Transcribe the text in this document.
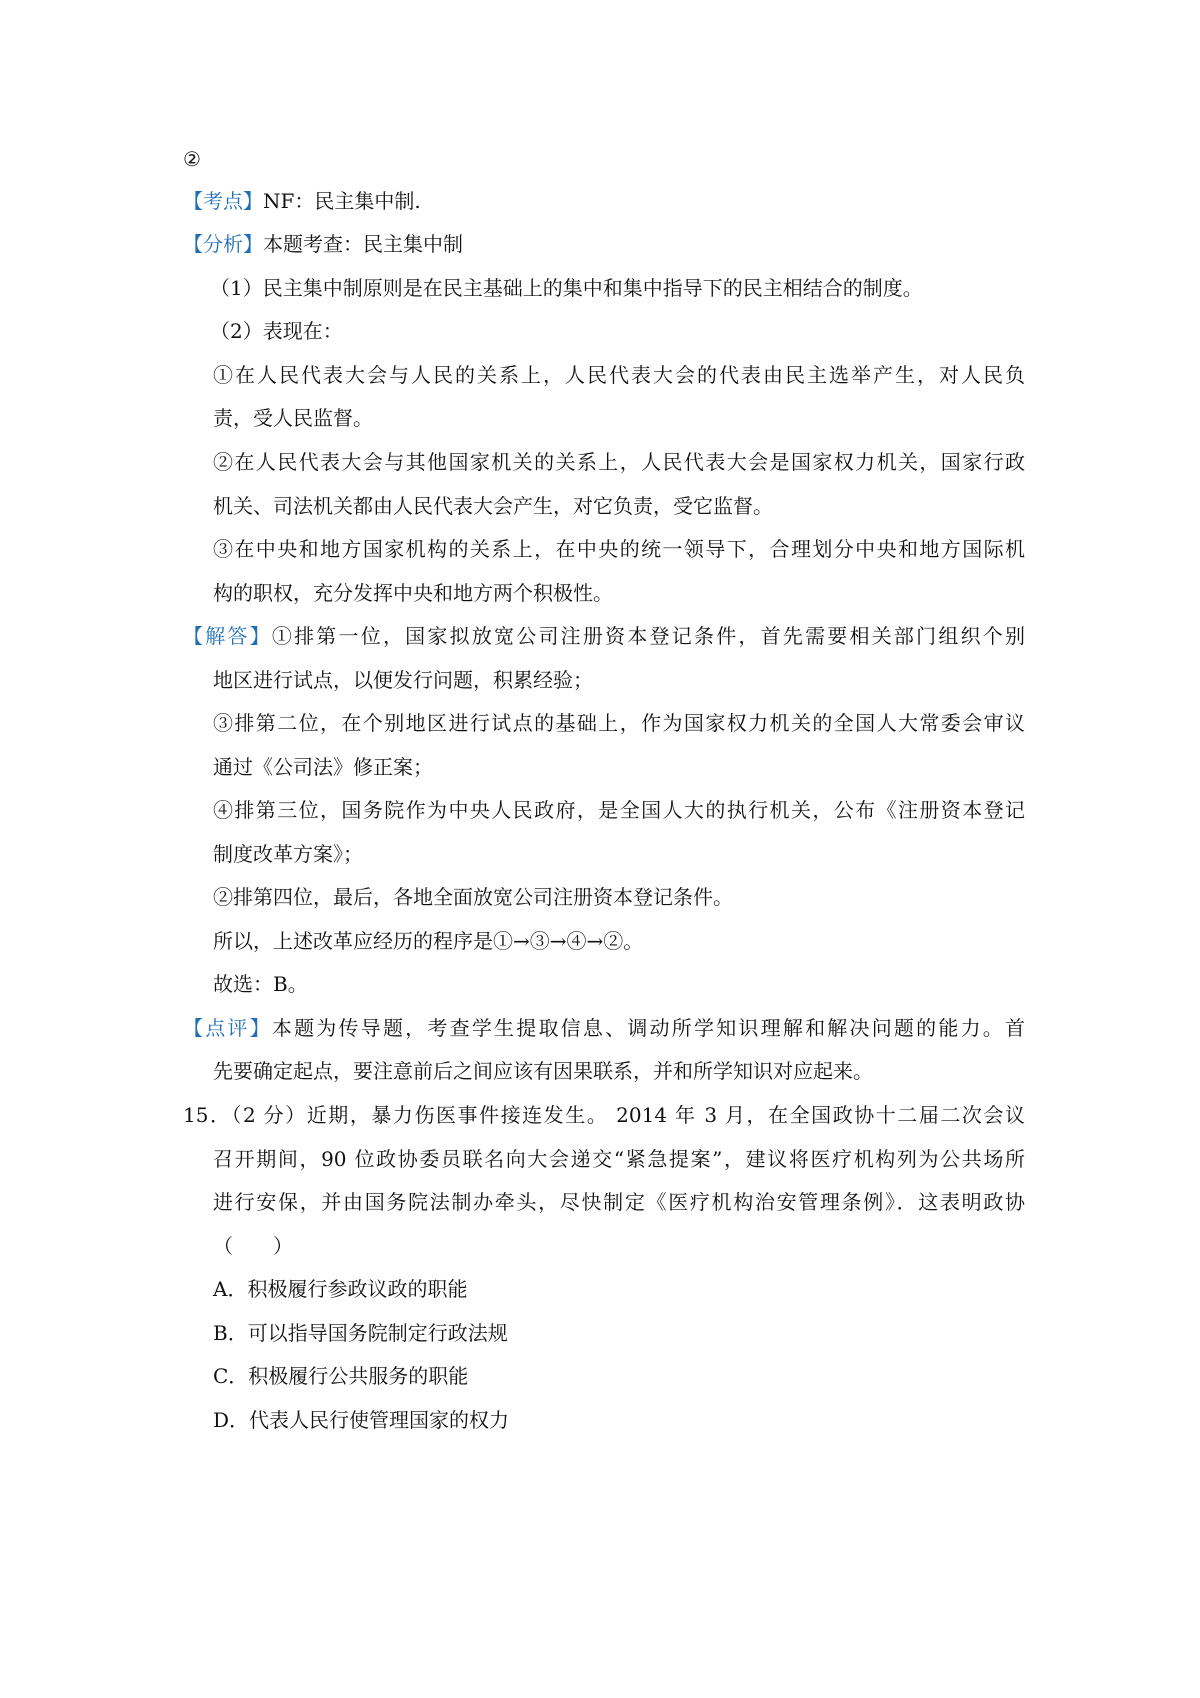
②
【考点】NF：民主集中制.
【分析】本题考查：民主集中制
（1）民主集中制原则是在民主基础上的集中和集中指导下的民主相结合的制度。
（2）表现在：
①在人民代表大会与人民的关系上，人民代表大会的代表由民主选举产生，对人民负
责，受人民监督。
②在人民代表大会与其他国家机关的关系上，人民代表大会是国家权力机关，国家行政
机关、司法机关都由人民代表大会产生，对它负责，受它监督。
③在中央和地方国家机构的关系上，在中央的统一领导下，合理划分中央和地方国际机
构的职权，充分发挥中央和地方两个积极性。
【解答】①排第一位，国家拟放宽公司注册资本登记条件，首先需要相关部门组织个别
地区进行试点，以便发行问题，积累经验；
③排第二位，在个别地区进行试点的基础上，作为国家权力机关的全国人大常委会审议
通过《公司法》修正案；
④排第三位，国务院作为中央人民政府，是全国人大的执行机关，公布《注册资本登记
制度改革方案》；
②排第四位，最后，各地全面放宽公司注册资本登记条件。
所以，上述改革应经历的程序是①→③→④→②。
故选：B。
【点评】本题为传导题，考查学生提取信息、调动所学知识理解和解决问题的能力。首
先要确定起点，要注意前后之间应该有因果联系，并和所学知识对应起来。
15．（2 分）近期，暴力伤医事件接连发生。 2014 年 3 月，在全国政协十二届二次会议
召开期间，90 位政协委员联名向大会递交“紧急提案”，建议将医疗机构列为公共场所
进行安保，并由国务院法制办牵头，尽快制定《医疗机构治安管理条例》．这表明政协
（　　）
A．积极履行参政议政的职能
B．可以指导国务院制定行政法规
C．积极履行公共服务的职能
D．代表人民行使管理国家的权力
